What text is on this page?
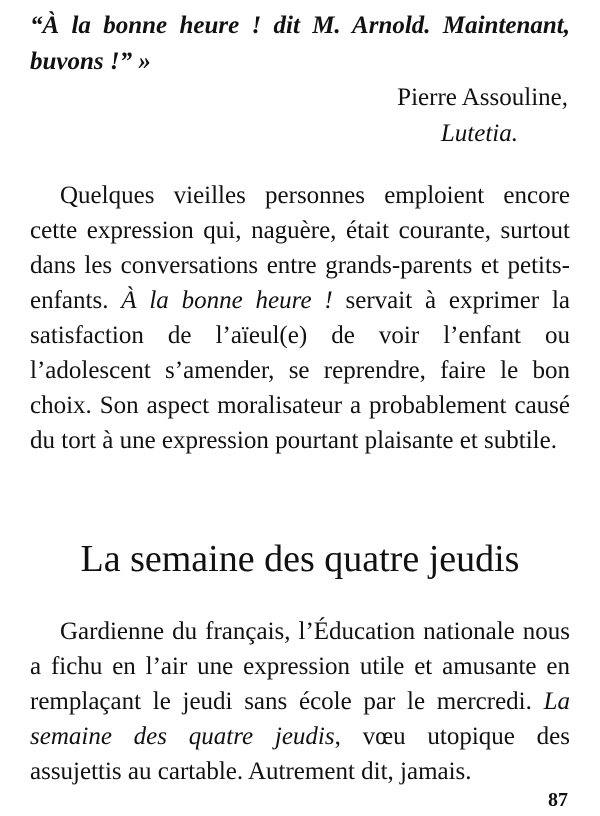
“À la bonne heure ! dit M. Arnold. Maintenant, buvons !” »
Pierre Assouline,
Lutetia.

Quelques vieilles personnes emploient encore cette expression qui, naguère, était courante, surtout dans les conversations entre grands-parents et petits-enfants. À la bonne heure ! servait à exprimer la satisfaction de l’aïeul(e) de voir l’enfant ou l’adolescent s’amender, se reprendre, faire le bon choix. Son aspect moralisateur a probablement causé du tort à une expression pourtant plaisante et subtile.

La semaine des quatre jeudis

Gardienne du français, l’Éducation nationale nous a fichu en l’air une expression utile et amusante en remplaçant le jeudi sans école par le mercredi. La semaine des quatre jeudis, vœu utopique des assujettis au cartable. Autrement dit, jamais.

87
